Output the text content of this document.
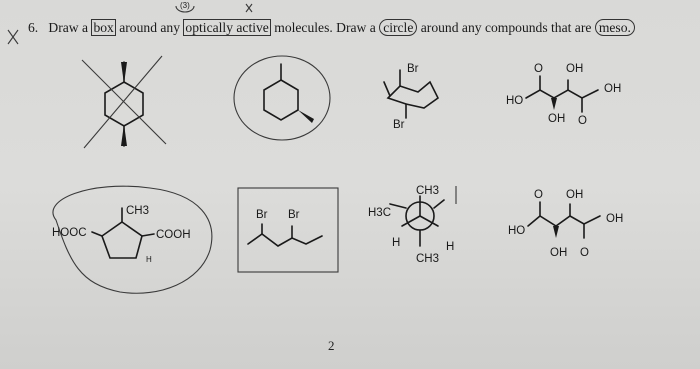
6. Draw a box around any optically active molecules. Draw a circle around any compounds that are meso.
(3)
Br
Br
O OH
OH
HO
OH O
CH3
HOOC	COOH
H
Br Br
CH3
H3C
H	H
CH3
O OH
OH
HO
OH O
2
